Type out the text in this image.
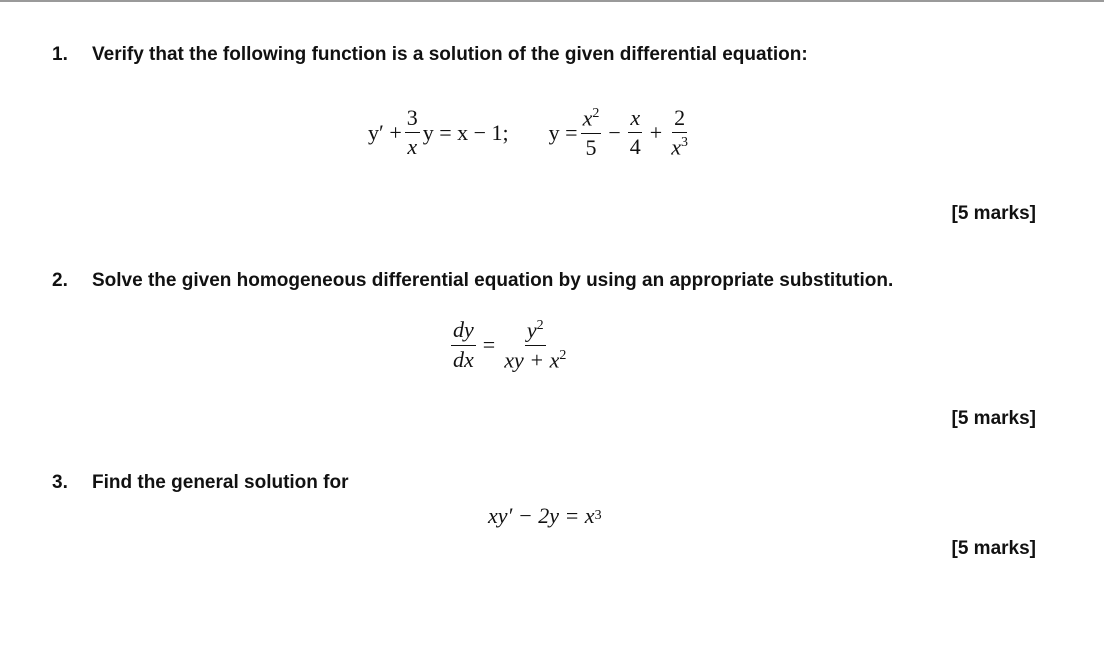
1. Verify that the following function is a solution of the given differential equation:
$y' + \frac{3}{x}$ y = x − 1; $y = \frac{x^2}{5} - \frac{x}{4} + \frac{2}{x^3}$
[5 marks]
2. Solve the given homogeneous differential equation by using an appropriate substitution.
$\frac{dy}{dx} = \frac{y^2}{xy + x^2}$
[5 marks]
3. Find the general solution for
xy′ − 2y = x 3
[5 marks]
